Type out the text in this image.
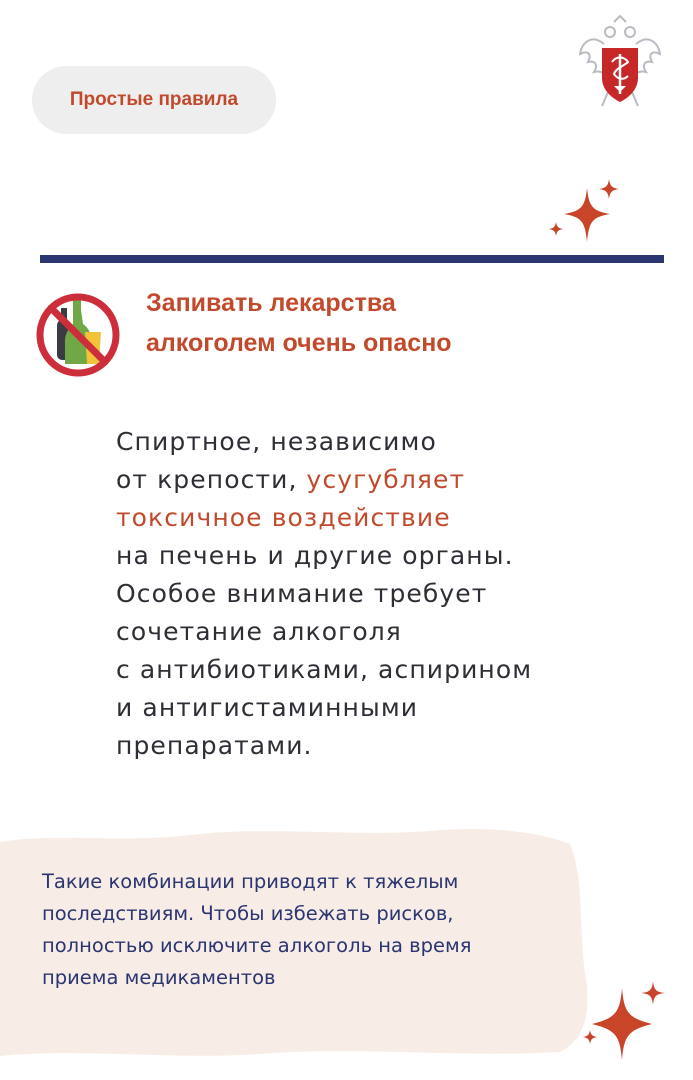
Простые правила
Запивать лекарства
алкоголем очень опасно
Спиртное, независимо
от крепости, усугубляет
токсичное воздействие
на печень и другие органы.
Особое внимание требует
сочетание алкоголя
с антибиотиками, аспирином
и антигистаминными
препаратами.
Такие комбинации приводят к тяжелым
последствиям. Чтобы избежать рисков,
полностью исключите алкоголь на время
приема медикаментов
